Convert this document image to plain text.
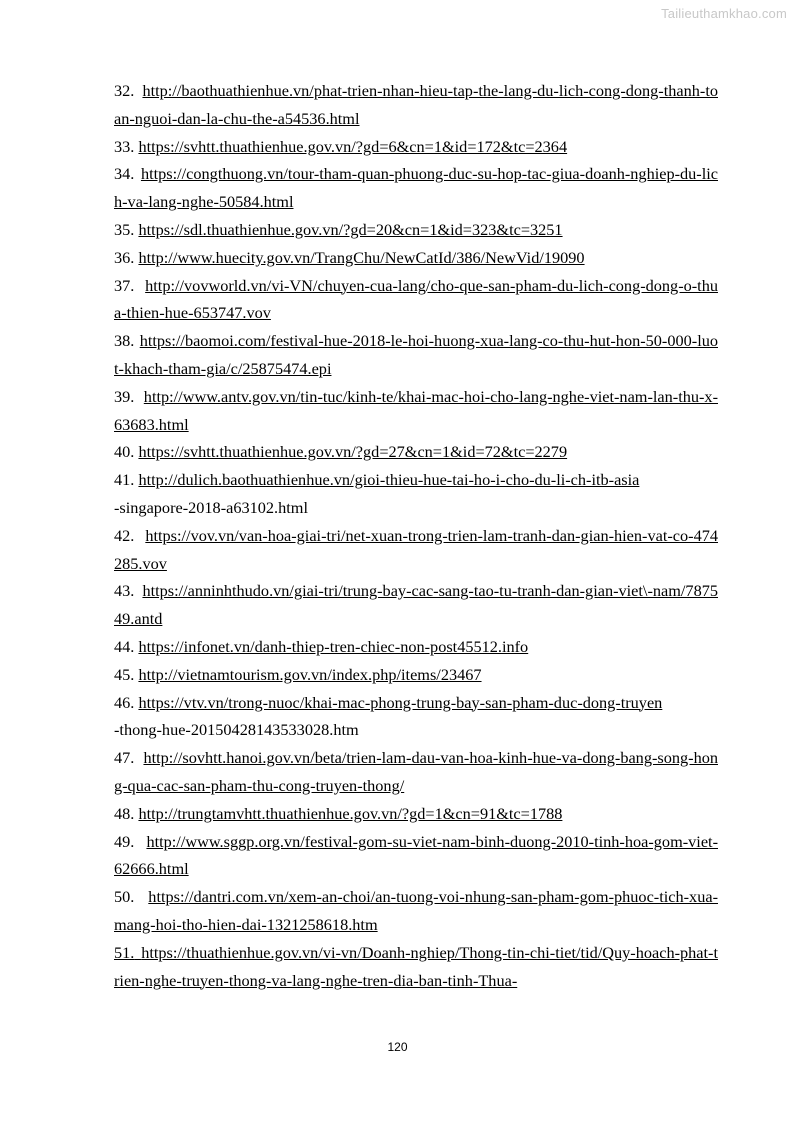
Tailieuthamkhao.com

32. http://baothuathienhue.vn/phat-trien-nhan-hieu-tap-the-lang-du-lich-cong-dong-thanh-toan-nguoi-dan-la-chu-the-a54536.html

33. https://svhtt.thuathienhue.gov.vn/?gd=6&cn=1&id=172&tc=2364

34. https://congthuong.vn/tour-tham-quan-phuong-duc-su-hop-tac-giua-doanh-nghiep-du-lich-va-lang-nghe-50584.html

35. https://sdl.thuathienhue.gov.vn/?gd=20&cn=1&id=323&tc=3251

36. http://www.huecity.gov.vn/TrangChu/NewCatId/386/NewVid/19090

37. http://vovworld.vn/vi-VN/chuyen-cua-lang/cho-que-san-pham-du-lich-cong-dong-o-thua-thien-hue-653747.vov

38. https://baomoi.com/festival-hue-2018-le-hoi-huong-xua-lang-co-thu-hut-hon-50-000-luot-khach-tham-gia/c/25875474.epi

39. http://www.antv.gov.vn/tin-tuc/kinh-te/khai-mac-hoi-cho-lang-nghe-viet-nam-lan-thu-x-63683.html

40. https://svhtt.thuathienhue.gov.vn/?gd=27&cn=1&id=72&tc=2279

41. http://dulich.baothuathienhue.vn/gioi-thieu-hue-tai-ho-i-cho-du-li-ch-itb-asia
-singapore-2018-a63102.html

42. https://vov.vn/van-hoa-giai-tri/net-xuan-trong-trien-lam-tranh-dan-gian-hien-vat-co-474285.vov

43. https://anninhthudo.vn/giai-tri/trung-bay-cac-sang-tao-tu-tranh-dan-gian-viet\-nam/787549.antd

44. https://infonet.vn/danh-thiep-tren-chiec-non-post45512.info

45. http://vietnamtourism.gov.vn/index.php/items/23467

46. https://vtv.vn/trong-nuoc/khai-mac-phong-trung-bay-san-pham-duc-dong-truyen
-thong-hue-20150428143533028.htm

47. http://sovhtt.hanoi.gov.vn/beta/trien-lam-dau-van-hoa-kinh-hue-va-dong-bang-song-hong-qua-cac-san-pham-thu-cong-truyen-thong/

48. http://trungtamvhtt.thuathienhue.gov.vn/?gd=1&cn=91&tc=1788

49. http://www.sggp.org.vn/festival-gom-su-viet-nam-binh-duong-2010-tinh-hoa-gom-viet-62666.html

50. https://dantri.com.vn/xem-an-choi/an-tuong-voi-nhung-san-pham-gom-phuoc-tich-xua-mang-hoi-tho-hien-dai-1321258618.htm

51. https://thuathienhue.gov.vn/vi-vn/Doanh-nghiep/Thong-tin-chi-tiet/tid/Quy-hoach-phat-trien-nghe-truyen-thong-va-lang-nghe-tren-dia-ban-tinh-Thua-

120
